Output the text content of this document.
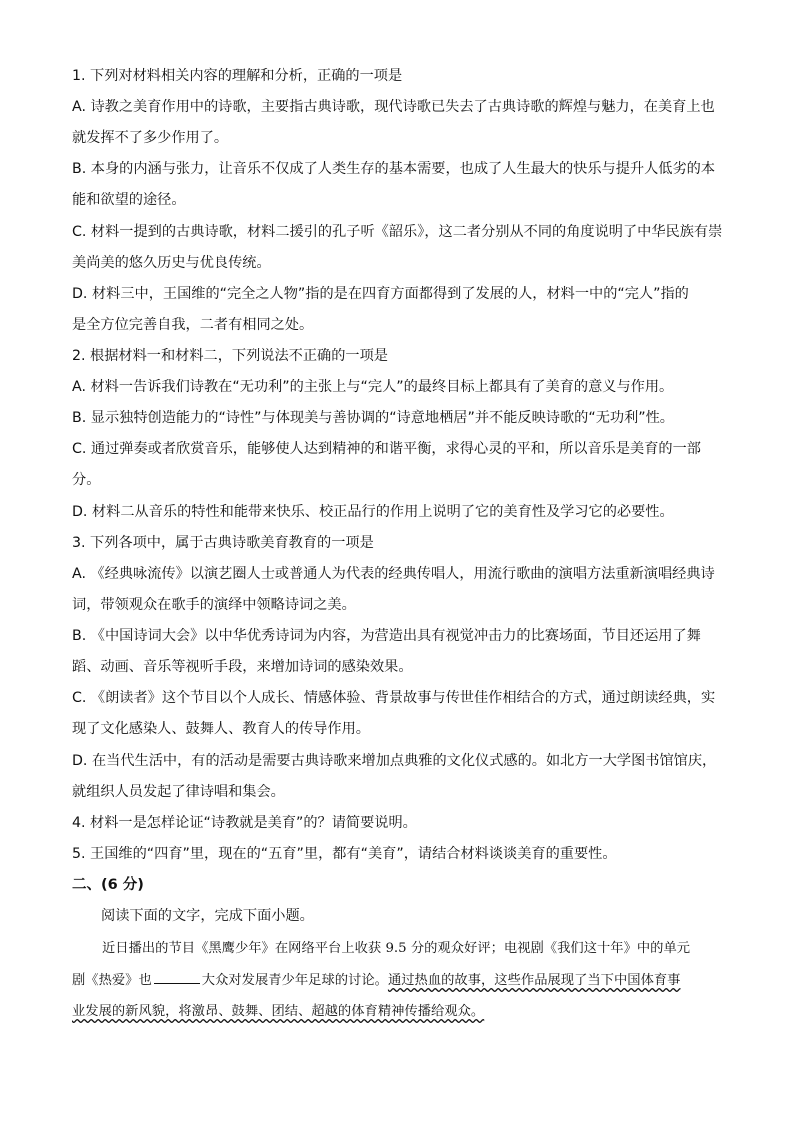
1. 下列对材料相关内容的理解和分析，正确的一项是
A. 诗教之美育作用中的诗歌，主要指古典诗歌，现代诗歌已失去了古典诗歌的辉煌与魅力，在美育上也
就发挥不了多少作用了。
B. 本身的内涵与张力，让音乐不仅成了人类生存的基本需要，也成了人生最大的快乐与提升人低劣的本
能和欲望的途径。
C. 材料一提到的古典诗歌，材料二援引的孔子听《韶乐》，这二者分别从不同的角度说明了中华民族有崇
美尚美的悠久历史与优良传统。
D. 材料三中，王国维的“完全之人物”指的是在四育方面都得到了发展的人，材料一中的“完人”指的
是全方位完善自我，二者有相同之处。
2. 根据材料一和材料二，下列说法不正确的一项是
A. 材料一告诉我们诗教在“无功利”的主张上与“完人”的最终目标上都具有了美育的意义与作用。
B. 显示独特创造能力的“诗性”与体现美与善协调的“诗意地栖居”并不能反映诗歌的“无功利”性。
C. 通过弹奏或者欣赏音乐，能够使人达到精神的和谐平衡，求得心灵的平和，所以音乐是美育的一部
分。
D. 材料二从音乐的特性和能带来快乐、校正品行的作用上说明了它的美育性及学习它的必要性。
3. 下列各项中，属于古典诗歌美育教育的一项是
A. 《经典咏流传》以演艺圈人士或普通人为代表的经典传唱人，用流行歌曲的演唱方法重新演唱经典诗
词，带领观众在歌手的演绎中领略诗词之美。
B. 《中国诗词大会》以中华优秀诗词为内容，为营造出具有视觉冲击力的比赛场面，节目还运用了舞
蹈、动画、音乐等视听手段，来增加诗词的感染效果。
C. 《朗读者》这个节目以个人成长、情感体验、背景故事与传世佳作相结合的方式，通过朗读经典，实
现了文化感染人、鼓舞人、教育人的传导作用。
D. 在当代生活中，有的活动是需要古典诗歌来增加点典雅的文化仪式感的。如北方一大学图书馆馆庆，
就组织人员发起了律诗唱和集会。
4. 材料一是怎样论证“诗教就是美育”的？请简要说明。
5. 王国维的“四育”里，现在的“五育”里，都有“美育”，请结合材料谈谈美育的重要性。
二、(6 分)
阅读下面的文字，完成下面小题。
近日播出的节目《黑鹰少年》在网络平台上收获 9.5 分的观众好评；电视剧《我们这十年》中的单元
剧《热爱》也	大众对发展青少年足球的讨论。通过热血的故事，这些作品展现了当下中国体育事
业发展的新风貌，将激昂、鼓舞、团结、超越的体育精神传播给观众。
